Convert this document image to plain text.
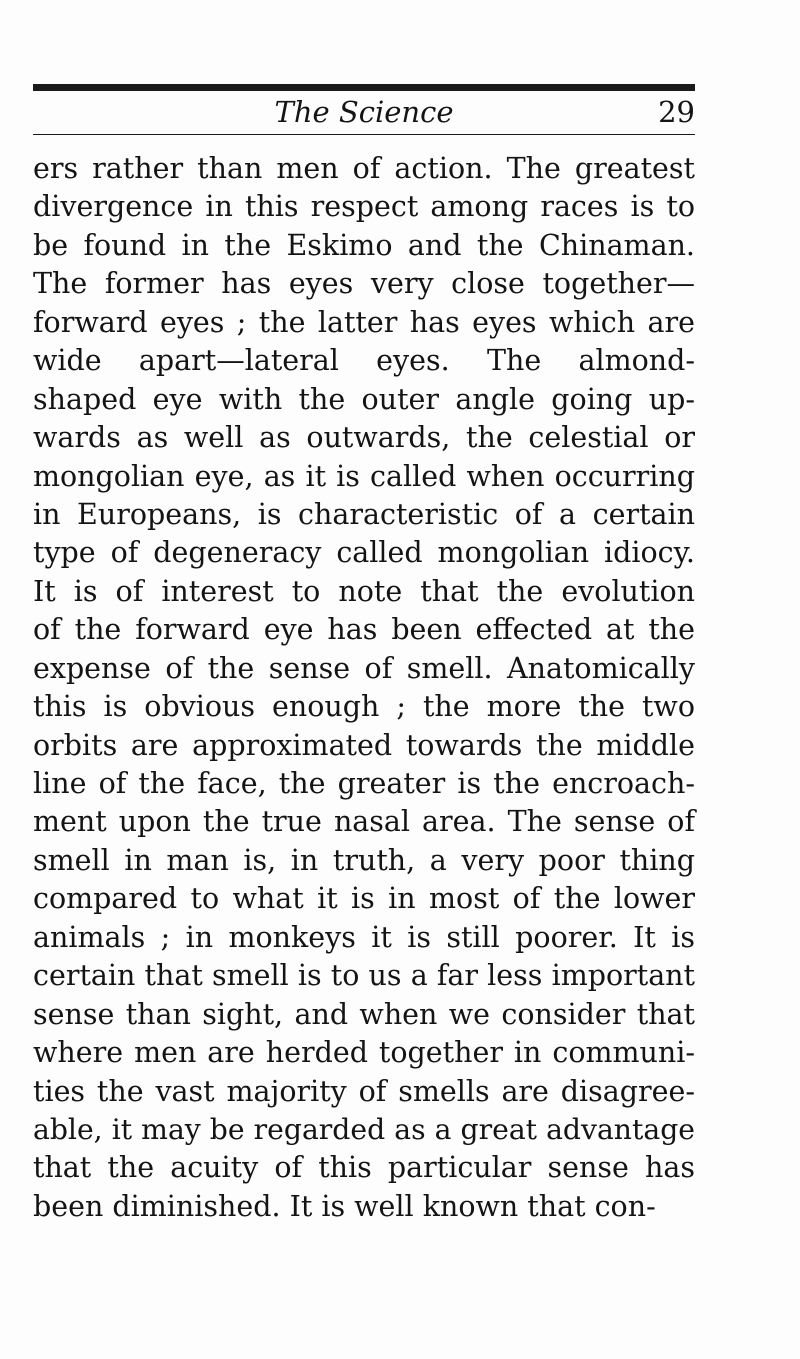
The Science	29
ers rather than men of action. The greatest
divergence in this respect among races is to
be found in the Eskimo and the Chinaman.
The former has eyes very close together—
forward eyes ; the latter has eyes which are
wide apart—lateral eyes. The almond-
shaped eye with the outer angle going up-
wards as well as outwards, the celestial or
mongolian eye, as it is called when occurring
in Europeans, is characteristic of a certain
type of degeneracy called mongolian idiocy.
It is of interest to note that the evolution
of the forward eye has been effected at the
expense of the sense of smell. Anatomically
this is obvious enough ; the more the two
orbits are approximated towards the middle
line of the face, the greater is the encroach-
ment upon the true nasal area. The sense of
smell in man is, in truth, a very poor thing
compared to what it is in most of the lower
animals ; in monkeys it is still poorer. It is
certain that smell is to us a far less important
sense than sight, and when we consider that
where men are herded together in communi-
ties the vast majority of smells are disagree-
able, it may be regarded as a great advantage
that the acuity of this particular sense has
been diminished. It is well known that con-
